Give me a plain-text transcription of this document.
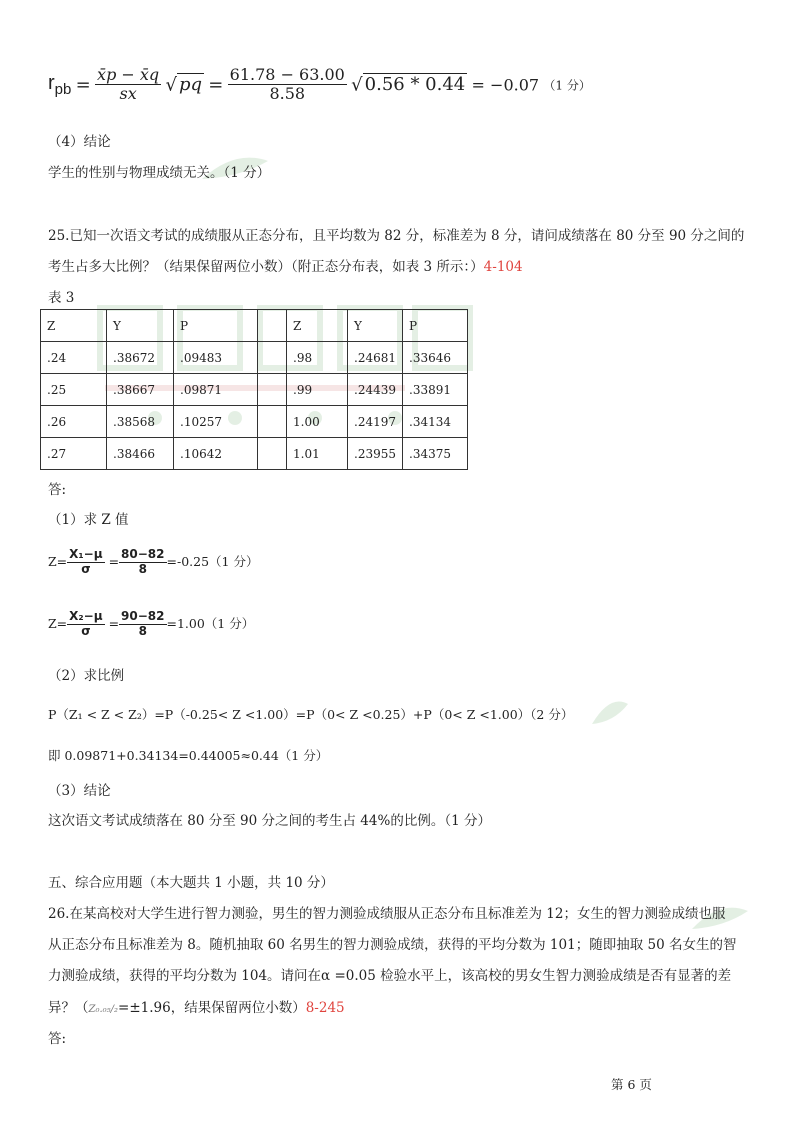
$r_{pb} = \frac{x̄p - x̄q}{sx}$ √ pq = $\frac{61.78 - 63.00}{8.58}$ √ 0.56 * 0.44 = −0.07 （1 分）
（4）结论
学生的性别与物理成绩无关。（1 分）
25.已知一次语文考试的成绩服从正态分布，且平均数为 82 分，标准差为 8 分，请问成绩落在 80 分至 90 分之间的
考生占多大比例？（结果保留两位小数）（附正态分布表，如表 3 所示：）4-104
表 3
Z	Y	P		Z	Y	P
.24	.38672	.09483		.98	.24681	.33646
.25	.38667	.09871		.99	.24439	.33891
.26	.38568	.10257		1.00	.24197	.34134
.27	.38466	.10642		1.01	.23955	.34375
答:
（1）求 Z 值
$Z= \frac{\text{X₁−μ}}{\sigma} = \frac{80-82}{8} =-0.25(1$ 分）
$Z= \frac{\text{X₂−μ}}{\sigma} = \frac{90-82}{8} =1.00(1$ 分）
（2）求比例
P（Z₁ < Z < Z₂）=P（-0.25< Z <1.00）=P（0< Z <0.25）+P（0< Z <1.00）（2 分）
即 0.09871+0.34134=0.44005≈0.44（1 分）
（3）结论
这次语文考试成绩落在 80 分至 90 分之间的考生占 44%的比例。（1 分）
五、综合应用题（本大题共 1 小题，共 10 分）
26.在某高校对大学生进行智力测验，男生的智力测验成绩服从正态分布且标准差为 12；女生的智力测验成绩也服
从正态分布且标准差为 8。随机抽取 60 名男生的智力测验成绩，获得的平均分数为 101；随即抽取 50 名女生的智
力测验成绩，获得的平均分数为 104。请问在α =0.05 检验水平上，该高校的男女生智力测验成绩是否有显著的差
异？（Z₀.₀₅/₂=±1.96，结果保留两位小数）8-245
答:
第 6 页
